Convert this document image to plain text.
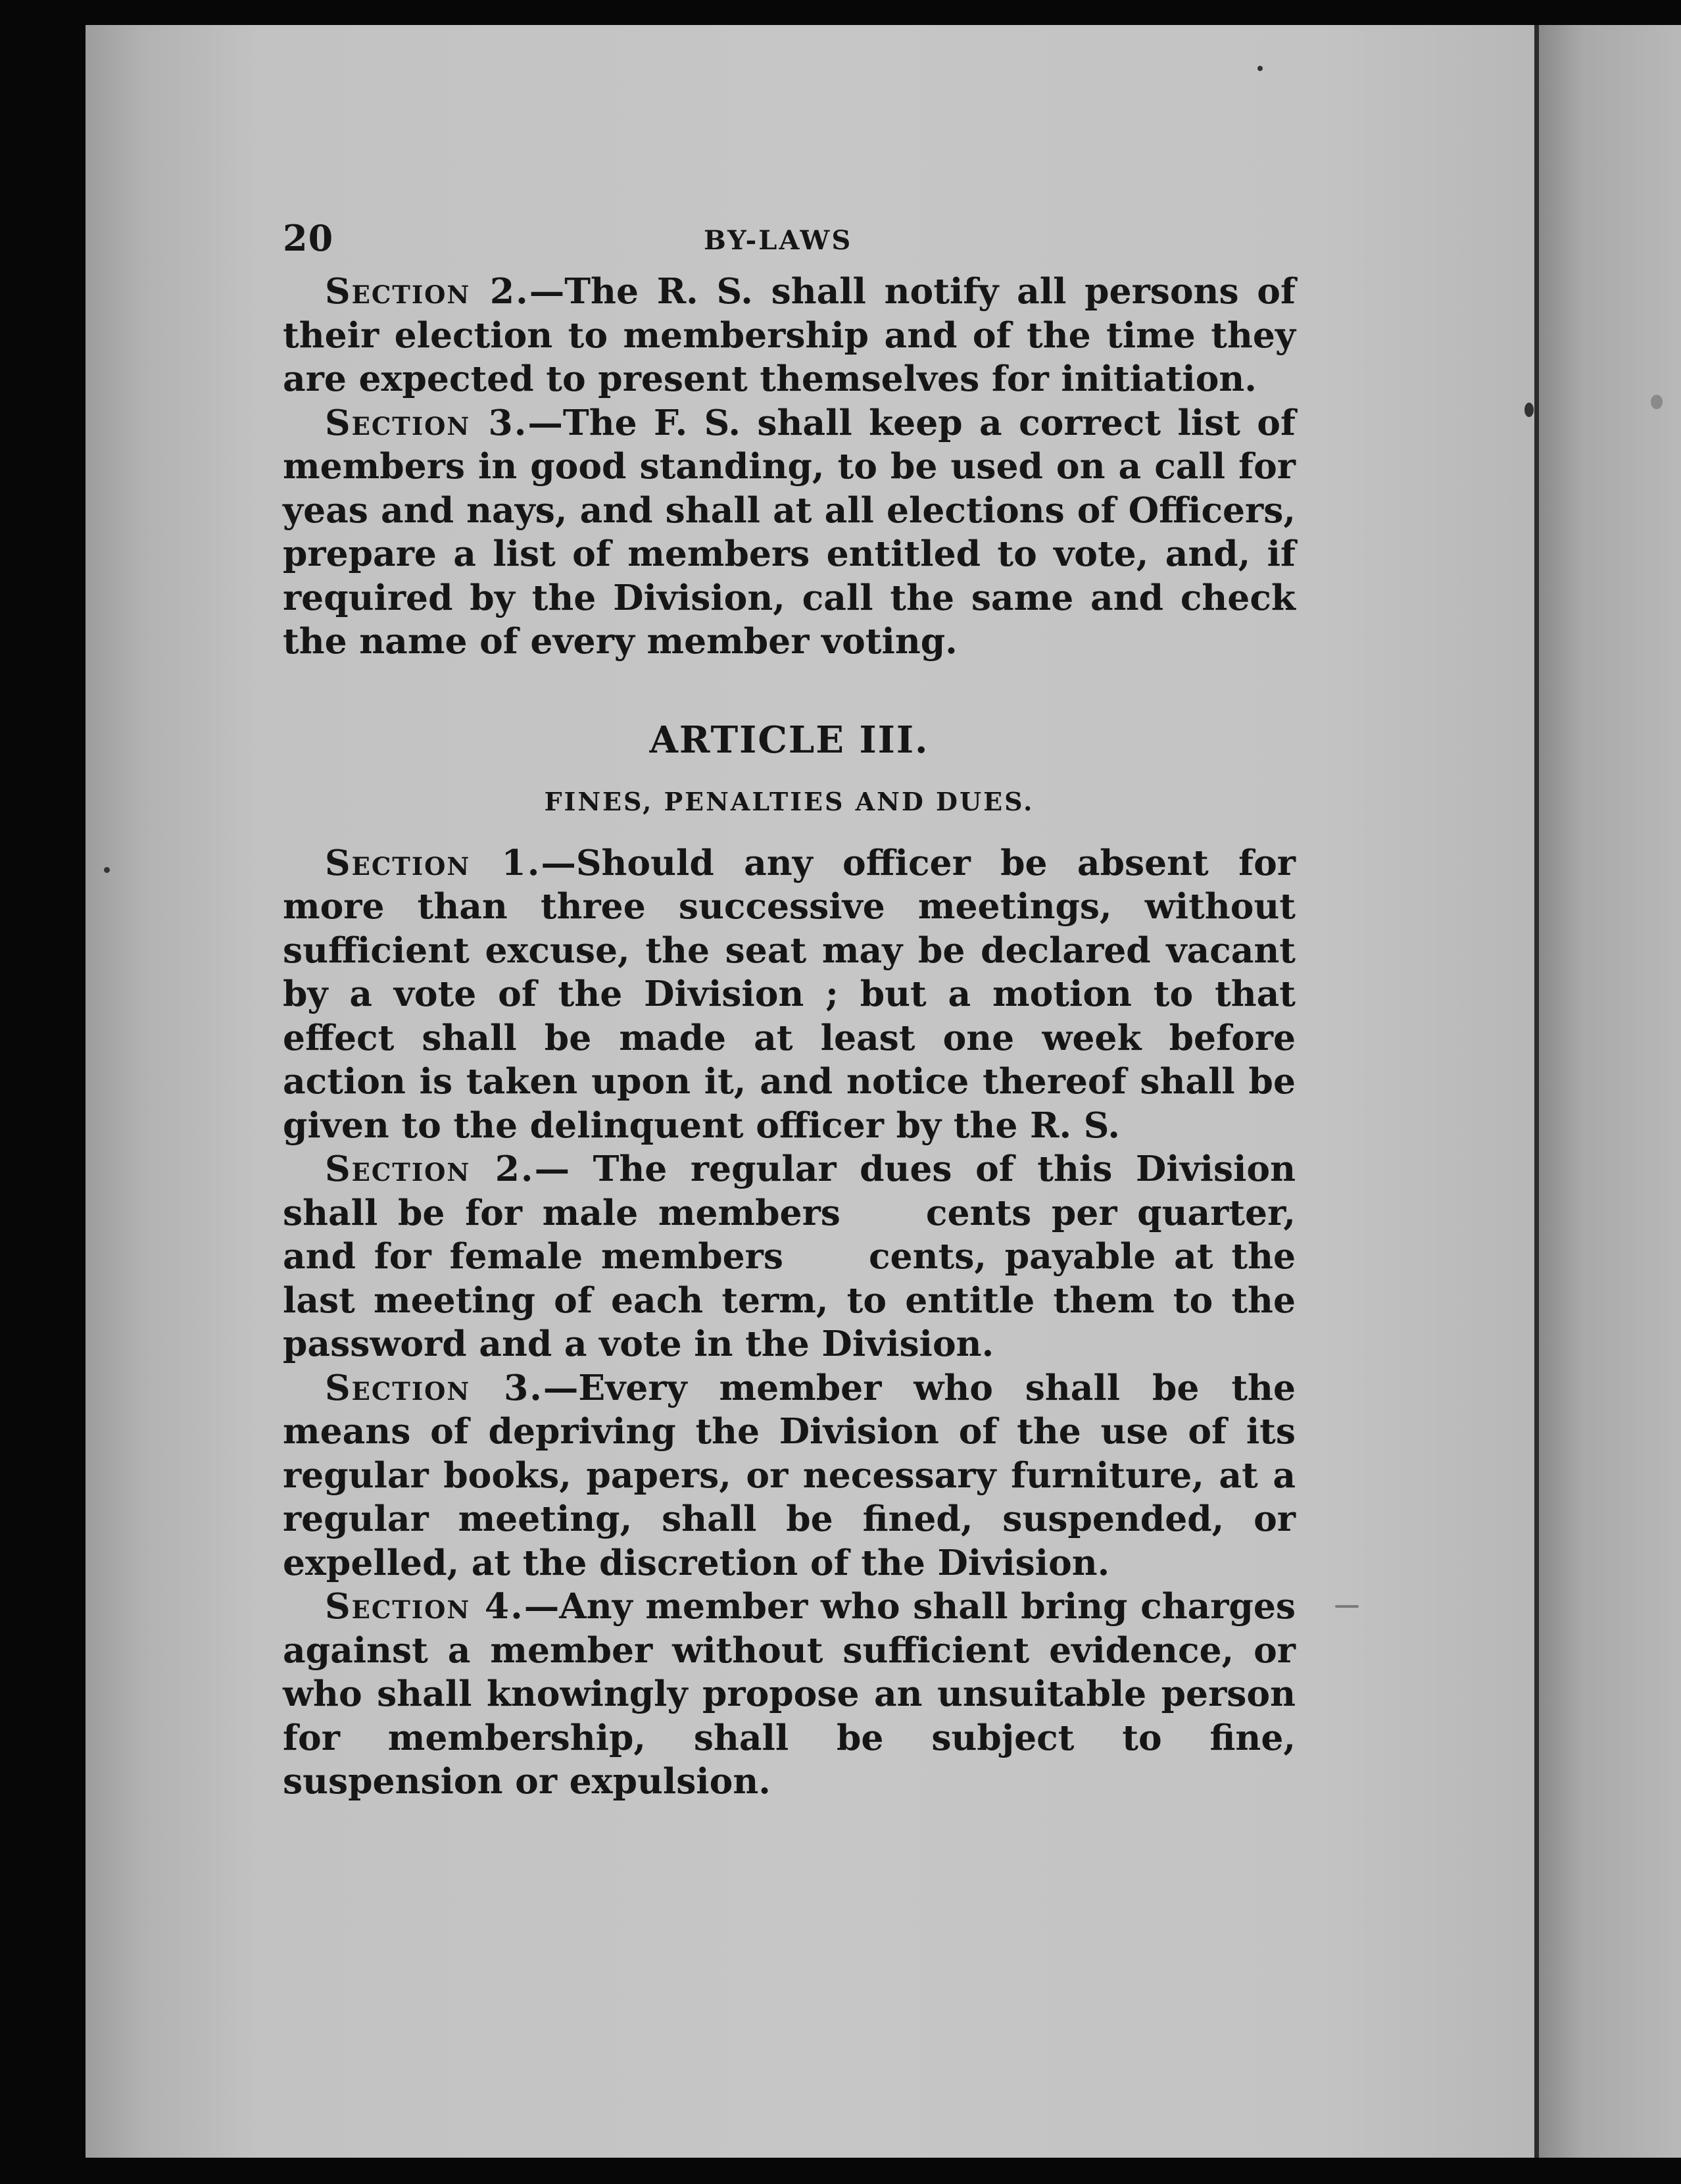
20	BY-LAWS

Section 2.—The R. S. shall notify all persons of their election to membership and of the time they are expected to present themselves for initiation.

Section 3.—The F. S. shall keep a correct list of members in good standing, to be used on a call for yeas and nays, and shall at all elections of Officers, prepare a list of members entitled to vote, and, if required by the Division, call the same and check the name of every member voting.

ARTICLE III.
FINES, PENALTIES AND DUES.

Section 1.—Should any officer be absent for more than three successive meetings, without sufficient excuse, the seat may be declared vacant by a vote of the Division ; but a motion to that effect shall be made at least one week before action is taken upon it, and notice thereof shall be given to the delinquent officer by the R. S.

Section 2.— The regular dues of this Division shall be for male members cents per quarter, and for female members cents, payable at the last meeting of each term, to entitle them to the password and a vote in the Division.

Section 3.—Every member who shall be the means of depriving the Division of the use of its regular books, papers, or necessary furniture, at a regular meeting, shall be fined, suspended, or expelled, at the discretion of the Division.

Section 4.—Any member who shall bring charges against a member without sufficient evidence, or who shall knowingly propose an unsuitable person for membership, shall be subject to fine, suspension or expulsion.
